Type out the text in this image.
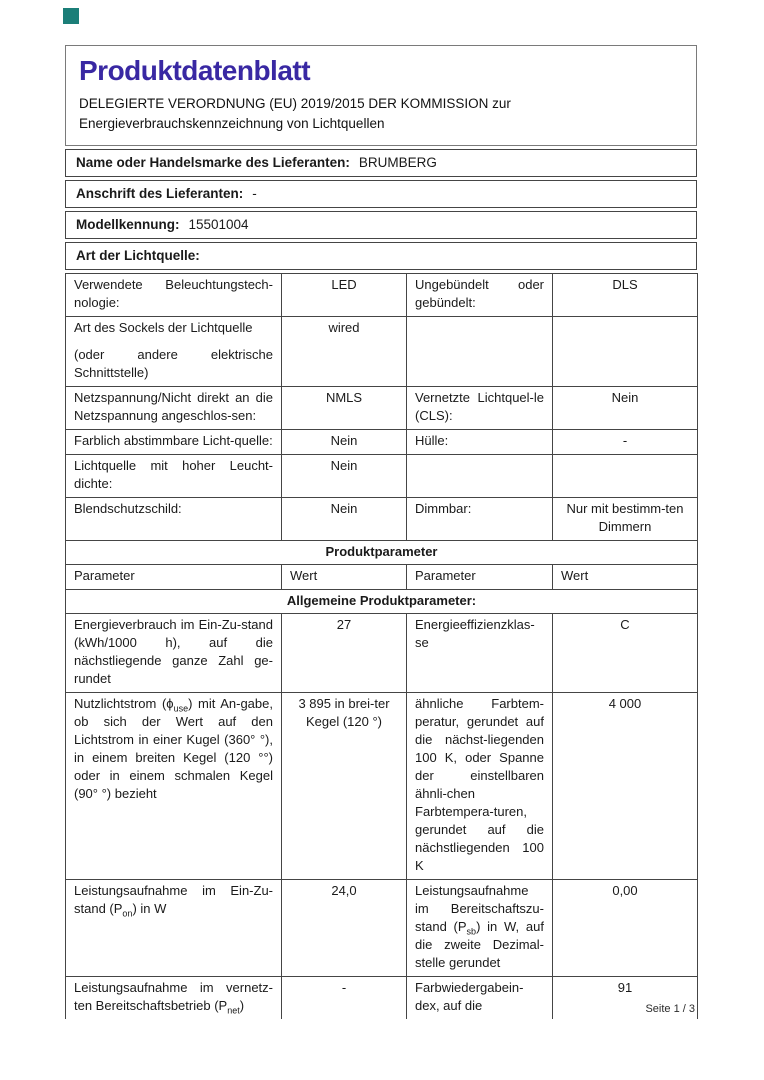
Produktdatenblatt
DELEGIERTE VERORDNUNG (EU) 2019/2015 DER KOMMISSION zur Energieverbrauchskennzeichnung von Lichtquellen
Name oder Handelsmarke des Lieferanten: BRUMBERG
Anschrift des Lieferanten: -
Modellkennung: 15501004
Art der Lichtquelle:
Verwendete Beleuchtungstech-nologie:	LED	Ungebündelt oder gebündelt:	DLS
Art des Sockels der Lichtquelle

(oder andere elektrische Schnittstelle)	wired		
Netzspannung/Nicht direkt an die Netzspannung angeschlos-sen:	NMLS	Vernetzte Lichtquel-le (CLS):	Nein
Farblich abstimmbare Licht-quelle:	Nein	Hülle:	-
Lichtquelle mit hoher Leucht-dichte:	Nein		
Blendschutzschild:	Nein	Dimmbar:	Nur mit bestimm-ten Dimmern
Produktparameter			
Parameter	Wert	Parameter	Wert
Allgemeine Produktparameter:			
Energieverbrauch im Ein-Zu-stand (kWh/1000 h), auf die nächstliegende ganze Zahl ge-rundet	27	Energieeffizienzklas-se	C
Nutzlichtstrom $(\phi_{use})$ mit An-gabe, ob sich der Wert auf den Lichtstrom in einer Kugel (360° °), in einem breiten Kegel (120 °°) oder in einem schmalen Kegel (90° °) bezieht	3 895 in brei-ter Kegel (120 °)	ähnliche Farbtem-peratur, gerundet auf die nächst-liegenden 100 K, oder Spanne der einstellbaren ähnli-chen Farbtempera-turen, gerundet auf die nächstliegenden 100 K	4 000
Leistungsaufnahme im Ein-Zu-stand $(P_{on})$ in W	24,0	Leistungsaufnahme im Bereitschaftszu-stand $(P_{sb})$ in W, auf die zweite Dezimal-stelle gerundet	0,00
Leistungsaufnahme im vernetz-ten Bereitschaftsbetrieb $(P_{net})$	-	Farbwiedergabein-dex, auf die	91
Seite 1 / 3
